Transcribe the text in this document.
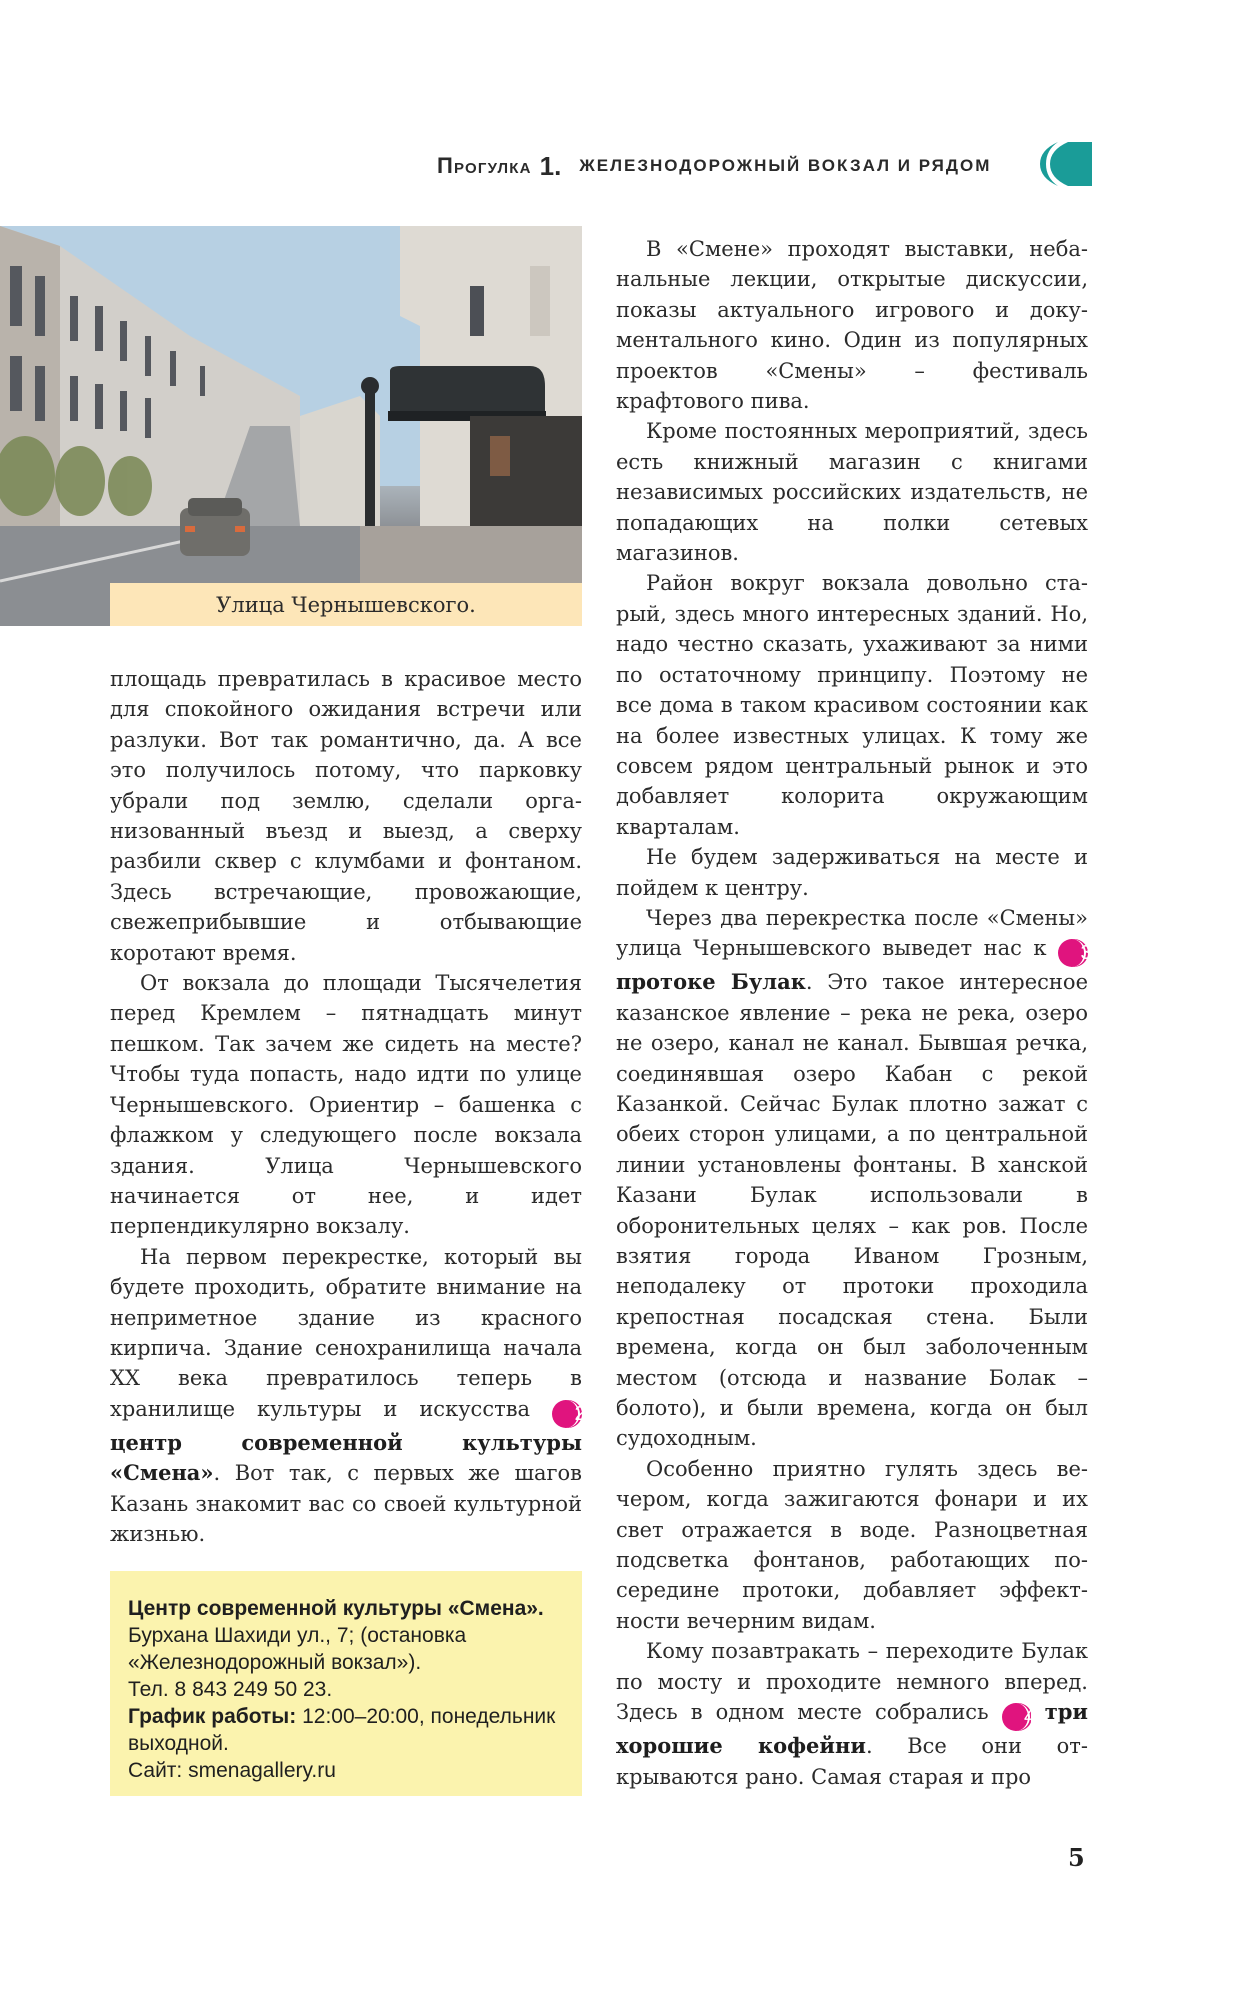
Прогулка 1. ЖЕЛЕЗНОДОРОЖНЫЙ ВОКЗАЛ И РЯДОМ
Улица Чернышевского.

площадь превратилась в красивое место для спокойного ожидания встречи или разлуки. Вот так романтично, да. А все это получилось потому, что парковку убрали под землю, сделали организованный въезд и выезд, а сверху разбили сквер с клумбами и фонтаном. Здесь встречающие, провожающие, свежеприбывшие и отбывающие коротают время.

От вокзала до площади Тысячелетия перед Кремлем – пятнадцать минут пешком. Так зачем же сидеть на месте? Чтобы туда попасть, надо идти по улице Чернышевского. Ориентир – башенка с флажком у следующего после вокзала здания. Улица Чернышевского начинается от нее, и идет перпендикулярно вокзалу.

На первом перекрестке, который вы будете проходить, обратите внимание на неприметное здание из красного кирпича. Здание сенохранилища начала XX века превратилось теперь в хранилище культуры и искусства 2 центр современной культуры «Смена». Вот так, с первых же шагов Казань знакомит вас со своей культурной жизнью.

Центр современной культуры «Смена». Бурхана Шахиди ул., 7; (остановка «Железнодорожный вокзал»).
Тел. 8 843 249 50 23.
График работы: 12:00–20:00, понедельник выходной.
Сайт: smenagallery.ru

В «Смене» проходят выставки, небанальные лекции, открытые дискуссии, показы актуального игрового и документального кино. Один из популярных проектов «Смены» – фестиваль крафтового пива.

Кроме постоянных мероприятий, здесь есть книжный магазин с книгами независимых российских издательств, не попадающих на полки сетевых магазинов.

Район вокруг вокзала довольно старый, здесь много интересных зданий. Но, надо честно сказать, ухаживают за ними по остаточному принципу. Поэтому не все дома в таком красивом состоянии как на более известных улицах. К тому же совсем рядом центральный рынок и это добавляет колорита окружающим кварталам.

Не будем задерживаться на месте и пойдем к центру.

Через два перекрестка после «Смены» улица Чернышевского выведет нас к 3 протоке Булак. Это такое интересное казанское явление – река не река, озеро не озеро, канал не канал. Бывшая речка, соединявшая озеро Кабан с рекой Казанкой. Сейчас Булак плотно зажат с обеих сторон улицами, а по центральной линии установлены фонтаны. В ханской Казани Булак использовали в оборонительных целях – как ров. После взятия города Иваном Грозным, неподалеку от протоки проходила крепостная посадская стена. Были времена, когда он был заболоченным местом (отсюда и название Болак – болото), и были времена, когда он был судоходным.

Особенно приятно гулять здесь вечером, когда зажигаются фонари и их свет отражается в воде. Разноцветная подсветка фонтанов, работающих посередине протоки, добавляет эффектности вечерним видам.

Кому позавтракать – переходите Булак по мосту и проходите немного вперед. Здесь в одном месте собрались 4 три хорошие кофейни. Все они открываются рано. Самая старая и про

5
